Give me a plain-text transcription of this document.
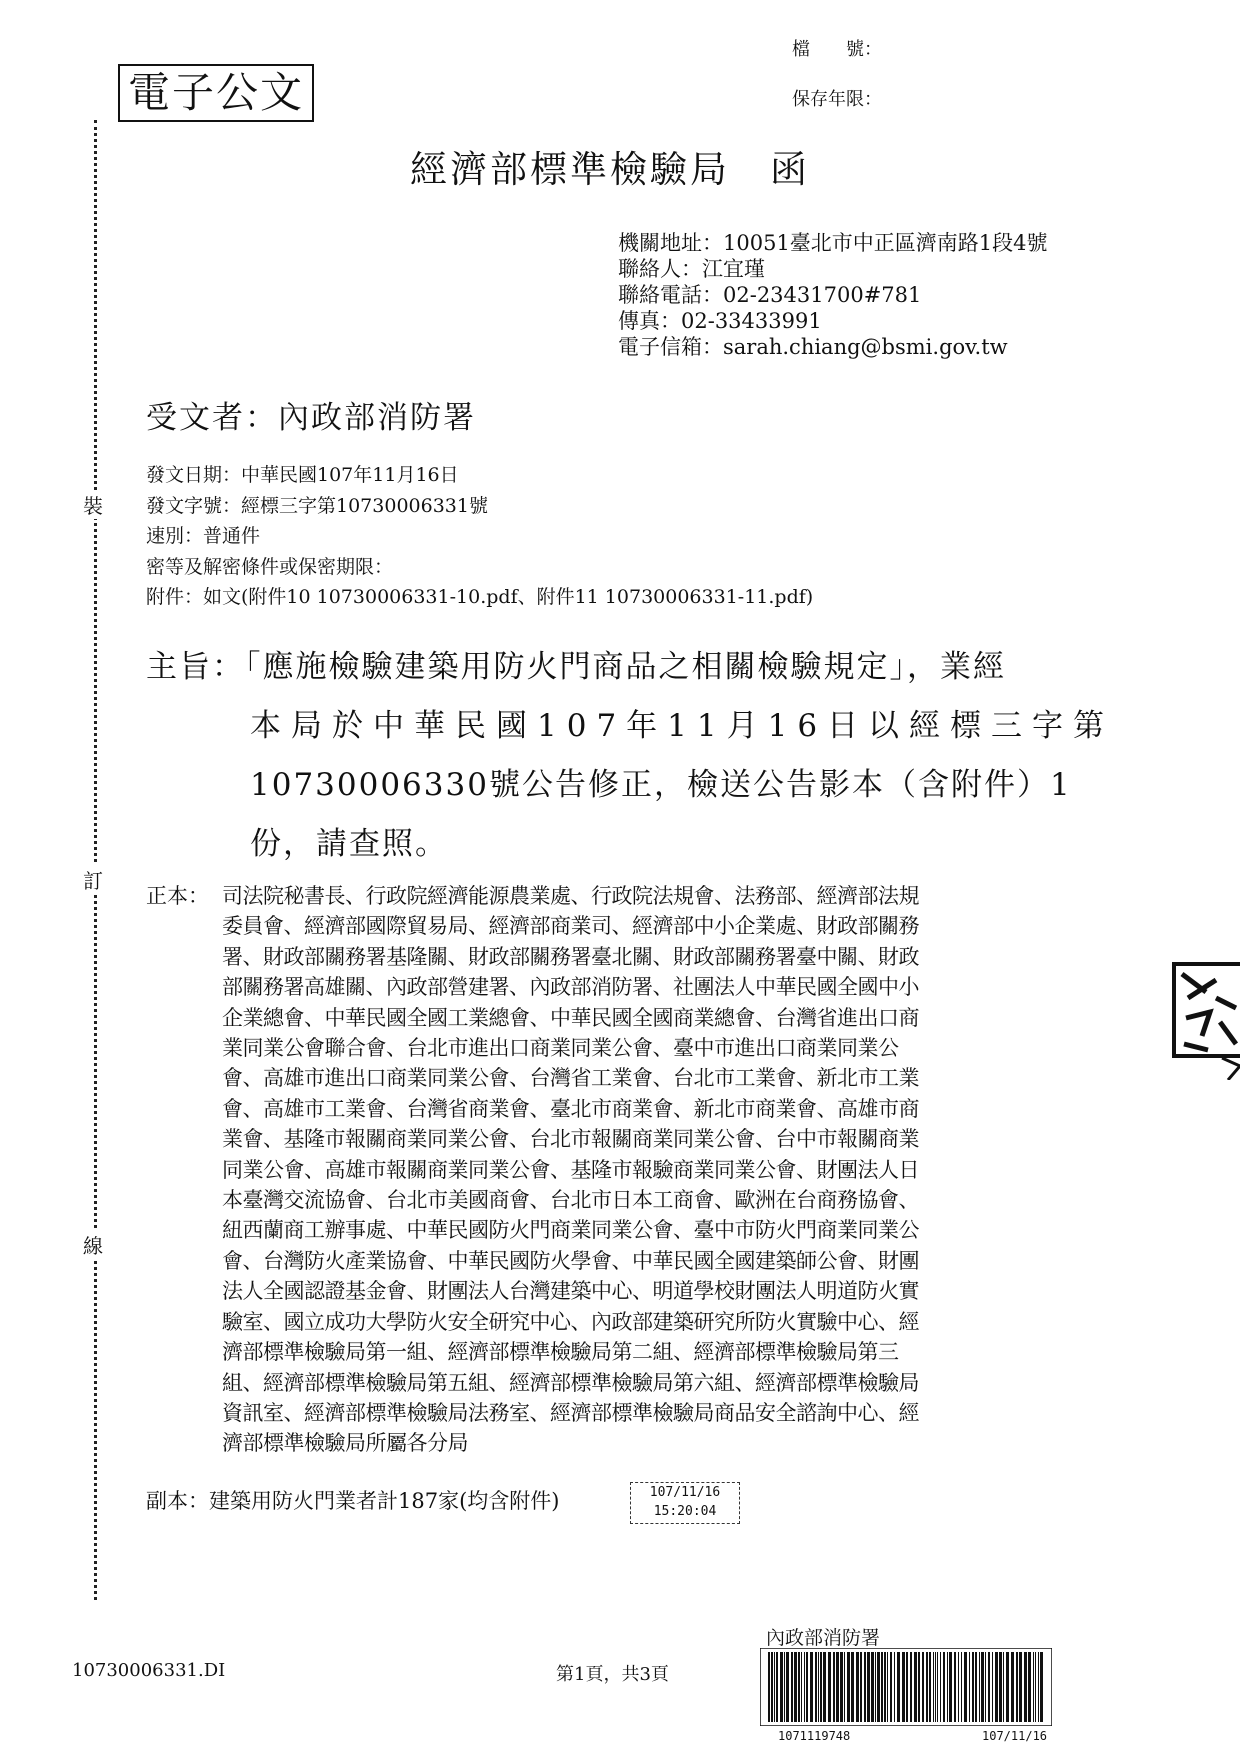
裝
訂
線
電子公文
檔　　號：
保存年限：
經濟部標準檢驗局　函
機關地址：10051臺北市中正區濟南路1段4號
聯絡人：江宜瑾
聯絡電話：02-23431700#781
傳真：02-33433991
電子信箱：sarah.chiang@bsmi.gov.tw
受文者：內政部消防署
發文日期：中華民國107年11月16日
發文字號：經標三字第10730006331號
速別：普通件
密等及解密條件或保密期限：
附件：如文(附件10 10730006331-10.pdf、附件11 10730006331-11.pdf)
主旨：「應施檢驗建築用防火門商品之相關檢驗規定」，業經
本局於中華民國107年11月16日以經標三字第
10730006330號公告修正，檢送公告影本（含附件）1
份，請查照。
正本： 司法院秘書長、行政院經濟能源農業處、行政院法規會、法務部、經濟部法規
委員會、經濟部國際貿易局、經濟部商業司、經濟部中小企業處、財政部關務
署、財政部關務署基隆關、財政部關務署臺北關、財政部關務署臺中關、財政
部關務署高雄關、內政部營建署、內政部消防署、社團法人中華民國全國中小
企業總會、中華民國全國工業總會、中華民國全國商業總會、台灣省進出口商
業同業公會聯合會、台北市進出口商業同業公會、臺中市進出口商業同業公
會、高雄市進出口商業同業公會、台灣省工業會、台北市工業會、新北市工業
會、高雄市工業會、台灣省商業會、臺北市商業會、新北市商業會、高雄市商
業會、基隆市報關商業同業公會、台北市報關商業同業公會、台中市報關商業
同業公會、高雄市報關商業同業公會、基隆市報驗商業同業公會、財團法人日
本臺灣交流協會、台北市美國商會、台北市日本工商會、歐洲在台商務協會、
紐西蘭商工辦事處、中華民國防火門商業同業公會、臺中市防火門商業同業公
會、台灣防火產業協會、中華民國防火學會、中華民國全國建築師公會、財團
法人全國認證基金會、財團法人台灣建築中心、明道學校財團法人明道防火實
驗室、國立成功大學防火安全研究中心、內政部建築研究所防火實驗中心、經
濟部標準檢驗局第一組、經濟部標準檢驗局第二組、經濟部標準檢驗局第三
組、經濟部標準檢驗局第五組、經濟部標準檢驗局第六組、經濟部標準檢驗局
資訊室、經濟部標準檢驗局法務室、經濟部標準檢驗局商品安全諮詢中心、經
濟部標準檢驗局所屬各分局
副本：建築用防火門業者計187家(均含附件)	107/11/16
15:20:04
10730006331.DI	第1頁，共3頁
內政部消防署
1071119748	107/11/16
